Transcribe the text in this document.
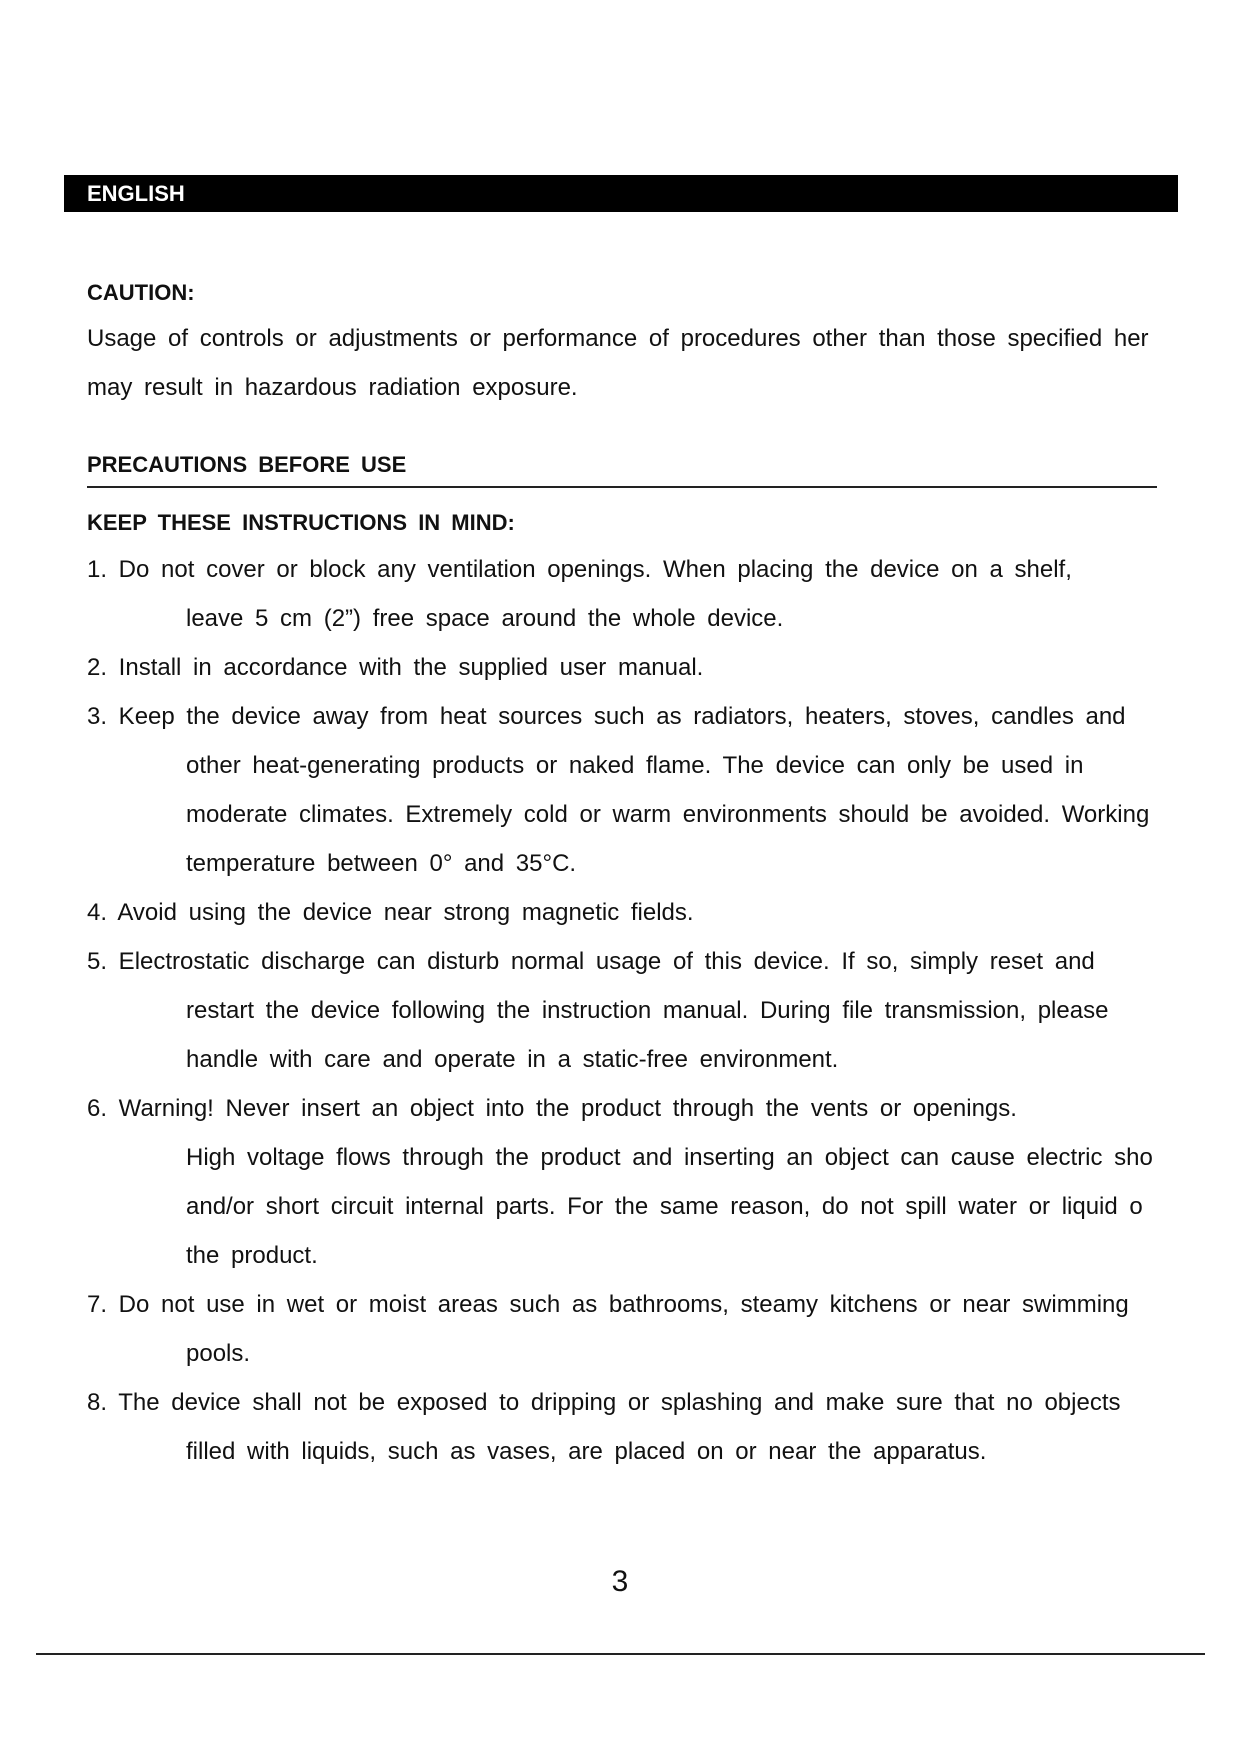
ENGLISH
CAUTION:
Usage of controls or adjustments or performance of procedures other than those specified her
may result in hazardous radiation exposure.
PRECAUTIONS BEFORE USE
KEEP THESE INSTRUCTIONS IN MIND:
1. Do not cover or block any ventilation openings. When placing the device on a shelf,
leave 5 cm (2”) free space around the whole device.
2. Install in accordance with the supplied user manual.
3. Keep the device away from heat sources such as radiators, heaters, stoves, candles and
other heat-generating products or naked flame. The device can only be used in
moderate climates. Extremely cold or warm environments should be avoided. Working
temperature between 0° and 35°C.
4. Avoid using the device near strong magnetic fields.
5. Electrostatic discharge can disturb normal usage of this device. If so, simply reset and
restart the device following the instruction manual. During file transmission, please
handle with care and operate in a static-free environment.
6. Warning! Never insert an object into the product through the vents or openings.
High voltage flows through the product and inserting an object can cause electric sho
and/or short circuit internal parts. For the same reason, do not spill water or liquid o
the product.
7. Do not use in wet or moist areas such as bathrooms, steamy kitchens or near swimming
pools.
8. The device shall not be exposed to dripping or splashing and make sure that no objects
filled with liquids, such as vases, are placed on or near the apparatus.
3
